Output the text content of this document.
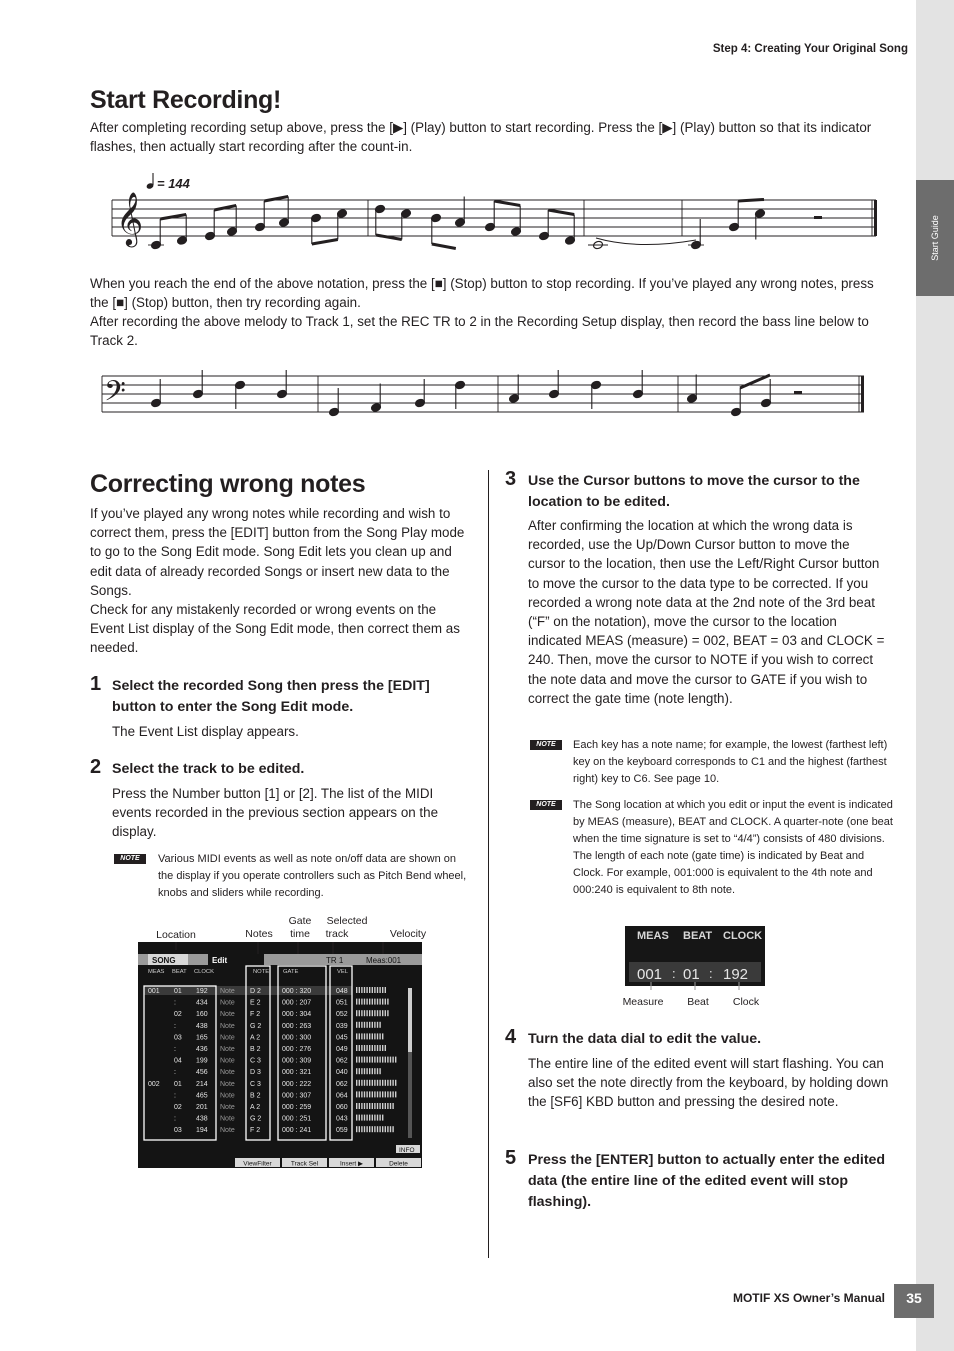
Start Guide
Step 4: Creating Your Original Song
Start Recording!

After completing recording setup above, press the [▶] (Play) button to start recording. Press the [▶] (Play) button so that its indicator flashes, then actually start recording after the count-in.

= 144
𝄞

When you reach the end of the above notation, press the [■] (Stop) button to stop recording. If you’ve played any wrong notes, press the [■] (Stop) button, then try recording again.

After recording the above melody to Track 1, set the REC TR to 2 in the Recording Setup display, then record the bass line below to Track 2.

𝄢
Correcting wrong notes

If you’ve played any wrong notes while recording and wish to correct them, press the [EDIT] button from the Song Play mode to go to the Song Edit mode. Song Edit lets you clean up and edit data of already recorded Songs or insert new data to the Songs.

Check for any mistakenly recorded or wrong events on the Event List display of the Song Edit mode, then correct them as needed.

1 Select the recorded Song then press the [EDIT] button to enter the Song Edit mode.

The Event List display appears.

2 Select the track to be edited.

Press the Number button [1] or [2]. The list of the MIDI events recorded in the previous section appears on the display.

NOTE	Various MIDI events as well as note on/off data are shown on the display if you operate controllers such as Pitch Bend wheel, knobs and sliders while recording.

Location	Notes
Gate
time
Selected
track	Velocity
SONG	Edit	TR 1	Meas:001
MEAS BEAT CLOCK	NOTE GATE	VEL
001 01 192 Note D 2	000 : 320	048
:	434 Note E 2	000 : 207	051
02 160 Note F 2	000 : 304	052
:	438 Note G 2	000 : 263	039
03 165 Note A 2	000 : 300	045
:	436 Note B 2	000 : 276	049
04 199 Note C 3	000 : 309	062
:	456 Note D 3	000 : 321	040
002 01 214 Note C 3	000 : 222	062
:	465 Note B 2	000 : 307	064
02 201 Note A 2	000 : 259	060
:	438 Note G 2	000 : 251	043
03 194 Note F 2	000 : 241	059
INFO
ViewFilter	Track Sel	Insert ▶	Delete
3 Use the Cursor buttons to move the cursor to the location to be edited.

After confirming the location at which the wrong data is recorded, use the Up/Down Cursor button to move the cursor to the location, then use the Left/Right Cursor button to move the cursor to the data type to be corrected. If you recorded a wrong note data at the 2nd note of the 3rd beat (“F” on the notation), move the cursor to the location indicated MEAS (measure) = 002, BEAT = 03 and CLOCK = 240. Then, move the cursor to NOTE if you wish to correct the note data and move the cursor to GATE if you wish to correct the gate time (note length).

NOTE	Each key has a note name; for example, the lowest (farthest left) key on the keyboard corresponds to C1 and the highest (farthest right) key to C6. See page 10.

NOTE	The Song location at which you edit or input the event is indicated by MEAS (measure), BEAT and CLOCK. A quarter-note (one beat when the time signature is set to “4/4”) consists of 480 divisions. The length of each note (gate time) is indicated by Beat and Clock. For example, 001:000 is equivalent to the 4th note and 000:240 is equivalent to 8th note.

MEAS BEAT CLOCK
001 : 01 : 192
Measure	Beat	Clock
4 Turn the data dial to edit the value.

The entire line of the edited event will start flashing. You can also set the note directly from the keyboard, by holding down the [SF6] KBD button and pressing the desired note.

5 Press the [ENTER] button to actually enter the edited data (the entire line of the edited event will stop flashing).

MOTIF XS Owner’s Manual	35
